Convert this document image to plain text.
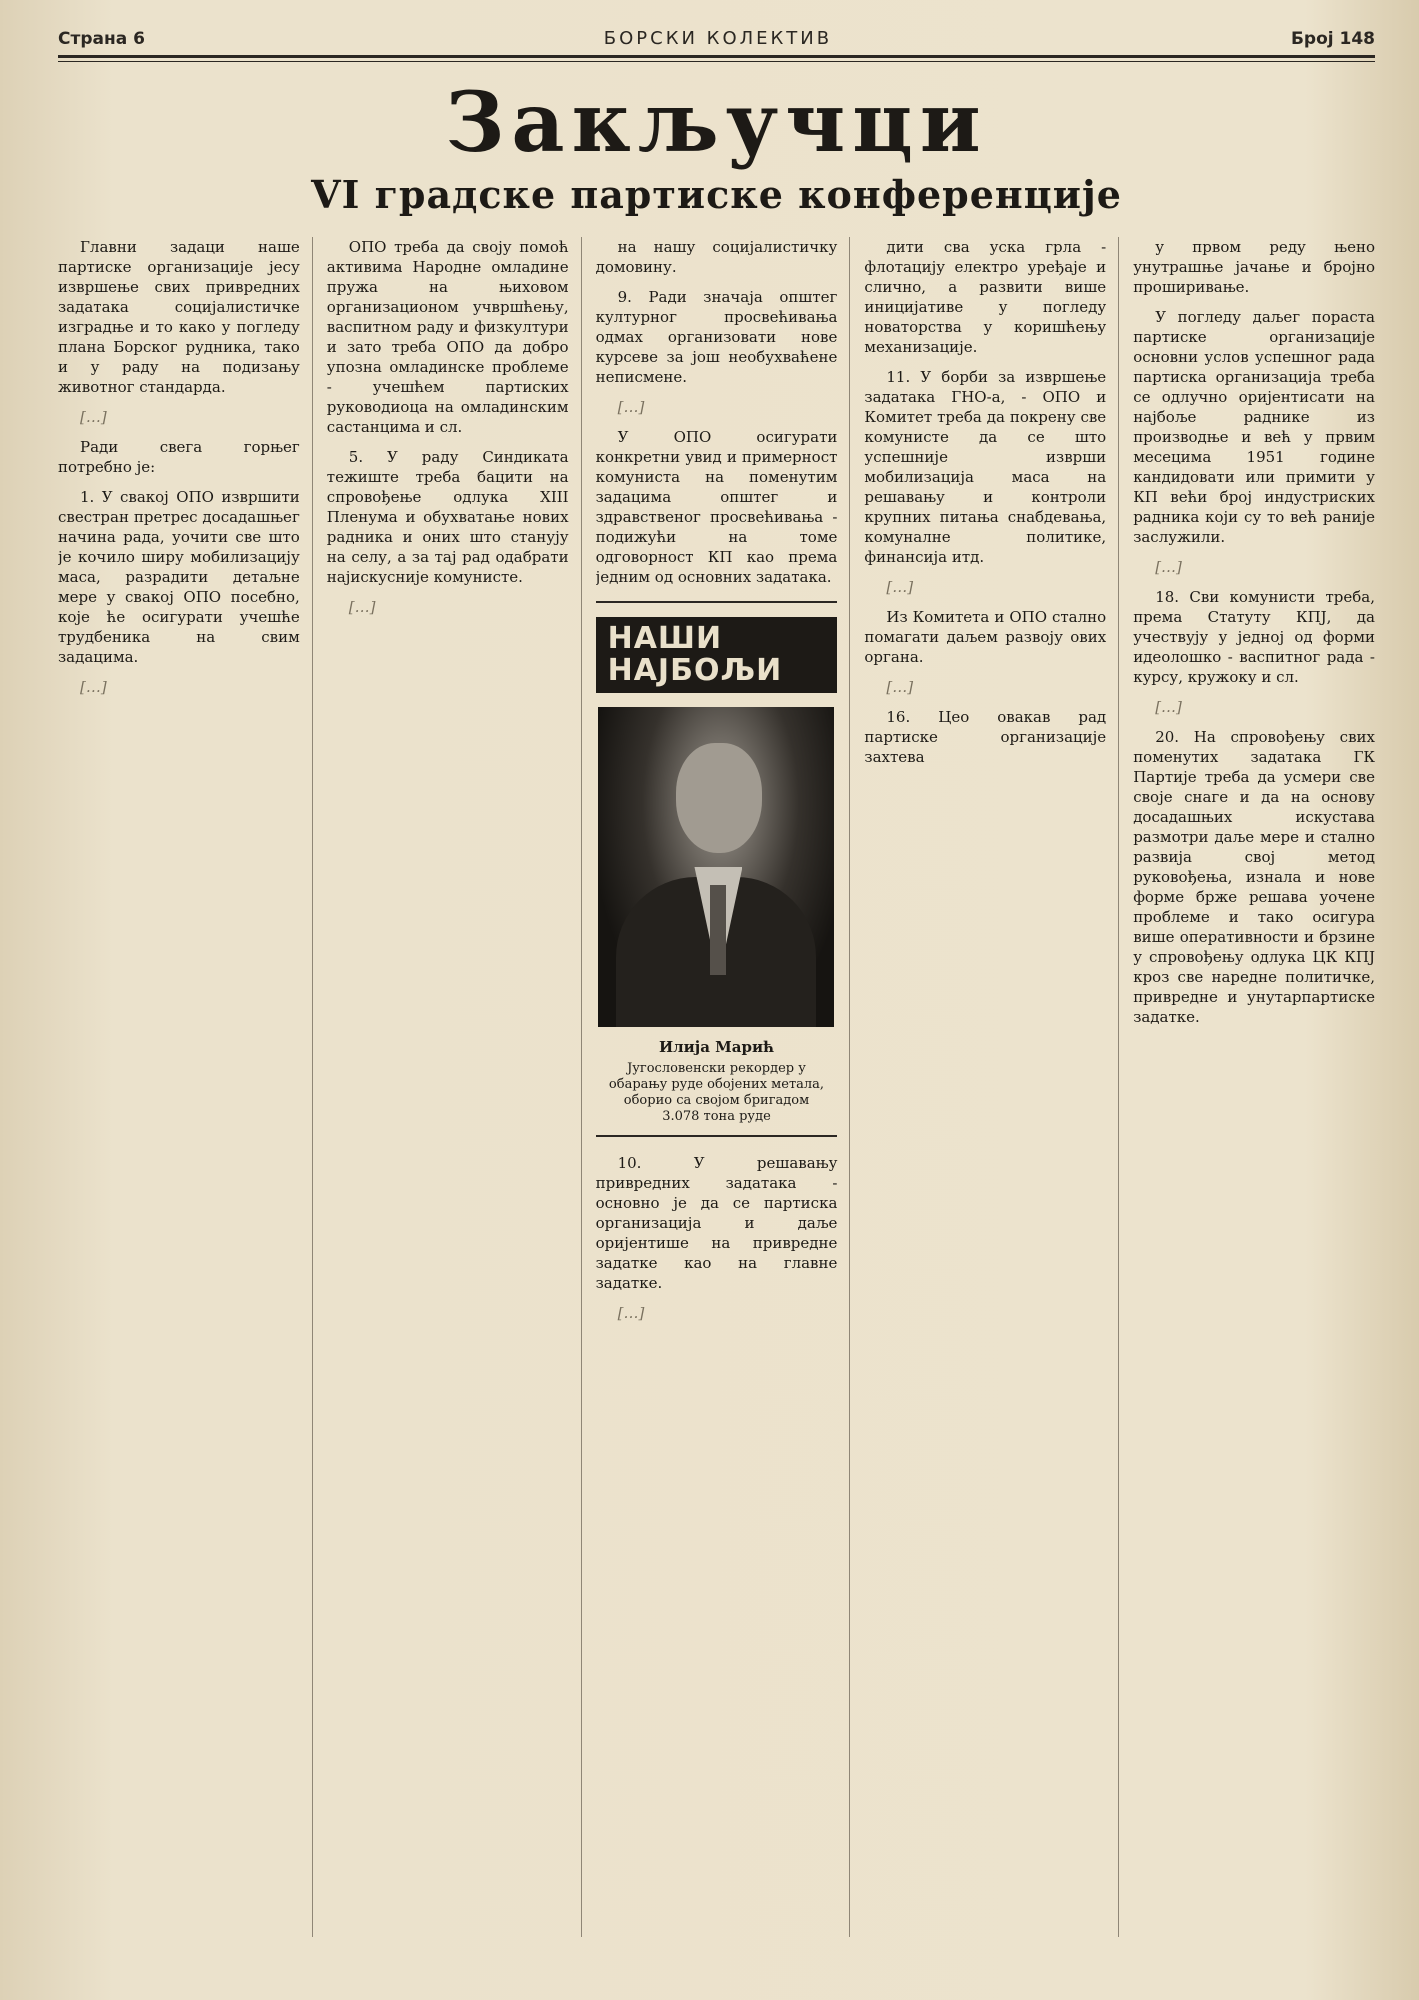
Страна 6	БОРСКИ КОЛЕКТИВ	Број 148
Закључци
VI градске партиске конференције

Главни задаци наше партиске организације јесу извршење свих привредних задатака социјалистичке изградње и то како у погледу плана Борског рудника, тако и у раду на подизању животног стандарда.

[…]

Ради свега горњег потребно је:

1. У свакој ОПО извршити свестран претрес досадашњег начина рада, уочити све што је кочило ширу мобилизацију маса, разрадити детаљне мере у свакој ОПО посебно, које ће осигурати учешће трудбеника на свим задацима.

[…]

ОПО треба да своју помоћ активима Народне омладине пружа на њиховом организационом учвршћењу, васпитном раду и физкултури и зато треба ОПО да добро упозна омладинске проблеме - учешћем партиских руководиоца на омладинским састанцима и сл.

5. У раду Синдиката тежиште треба бацити на спровођење одлука XIII Пленума и обухватање нових радника и оних што станују на селу, а за тај рад одабрати најискусније комунисте.

[…]

на нашу социјалистичку домовину.

9. Ради значаја општег културног просвећивања одмах организовати нове курсеве за још необухваћене неписмене.

[…]

У ОПО осигурати конкретни увид и примерност комуниста на поменутим задацима општег и здравственог просвећивања - подижући на томе одговорност КП као према једним од основних задатака.

НАШИ НАЈБОЉИ
Илија Марић
Југословенски рекордер у обарању руде обојених метала, оборио са својом бригадом 3.078 тона руде

10. У решавању привредних задатака - основно је да се партиска организација и даље оријентише на привредне задатке као на главне задатке.

[…]

дити сва уска грла - флотацију електро уређаје и слично, а развити више иницијативе у погледу новаторства у коришћењу механизације.

11. У борби за извршење задатака ГНО-а, - ОПО и Комитет треба да покрену све комунисте да се што успешније изврши мобилизација маса на решавању и контроли крупних питања снабдевања, комуналне политике, финансија итд.

[…]

Из Комитета и ОПО стално помагати даљем развоју ових органа.

[…]

16. Цео овакав рад партиске организације захтева

у првом реду њено унутрашње јачање и бројно проширивање.

У погледу даљег пораста партиске организације основни услов успешног рада партиска организација треба се одлучно оријентисати на најбоље раднике из производње и већ у првим месецима 1951 године кандидовати или примити у КП већи број индустриских радника који су то већ раније заслужили.

[…]

18. Сви комунисти треба, према Статуту КПЈ, да учествују у једној од форми идеолошко - васпитног рада - курсу, кружоку и сл.

[…]

20. На спровођењу свих поменутих задатака ГК Партије треба да усмери све своје снаге и да на основу досадашњих искустава размотри даље мере и стално развија свој метод руковођења, изнала и нове форме брже решава уочене проблеме и тако осигура више оперативности и брзине у спровођењу одлука ЦК КПЈ кроз све наредне политичке, привредне и унутарпартиске задатке.
